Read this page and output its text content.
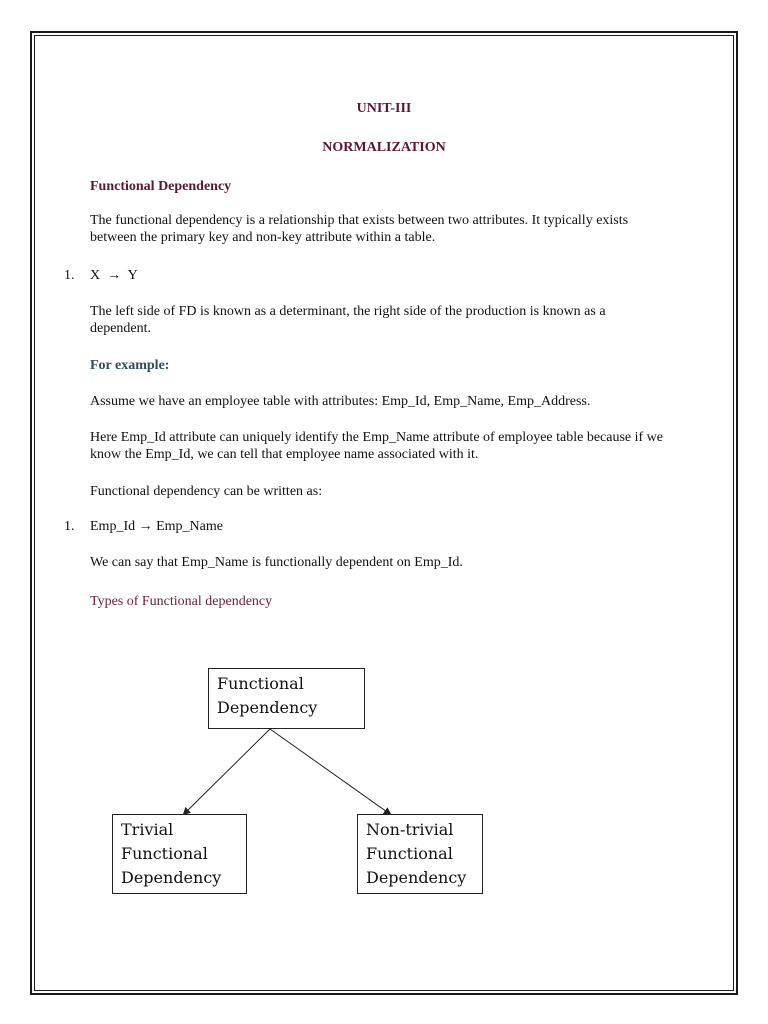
UNIT-III
NORMALIZATION
Functional Dependency
The functional dependency is a relationship that exists between two attributes. It typically exists between the primary key and non-key attribute within a table.
1. X  →  Y
The left side of FD is known as a determinant, the right side of the production is known as a dependent.
For example:
Assume we have an employee table with attributes: Emp_Id, Emp_Name, Emp_Address.
Here Emp_Id attribute can uniquely identify the Emp_Name attribute of employee table because if we know the Emp_Id, we can tell that employee name associated with it.
Functional dependency can be written as:
1. Emp_Id → Emp_Name
We can say that Emp_Name is functionally dependent on Emp_Id.
Types of Functional dependency
Functional
Dependency
Trivial
Functional
Dependency
Non-trivial
Functional
Dependency
